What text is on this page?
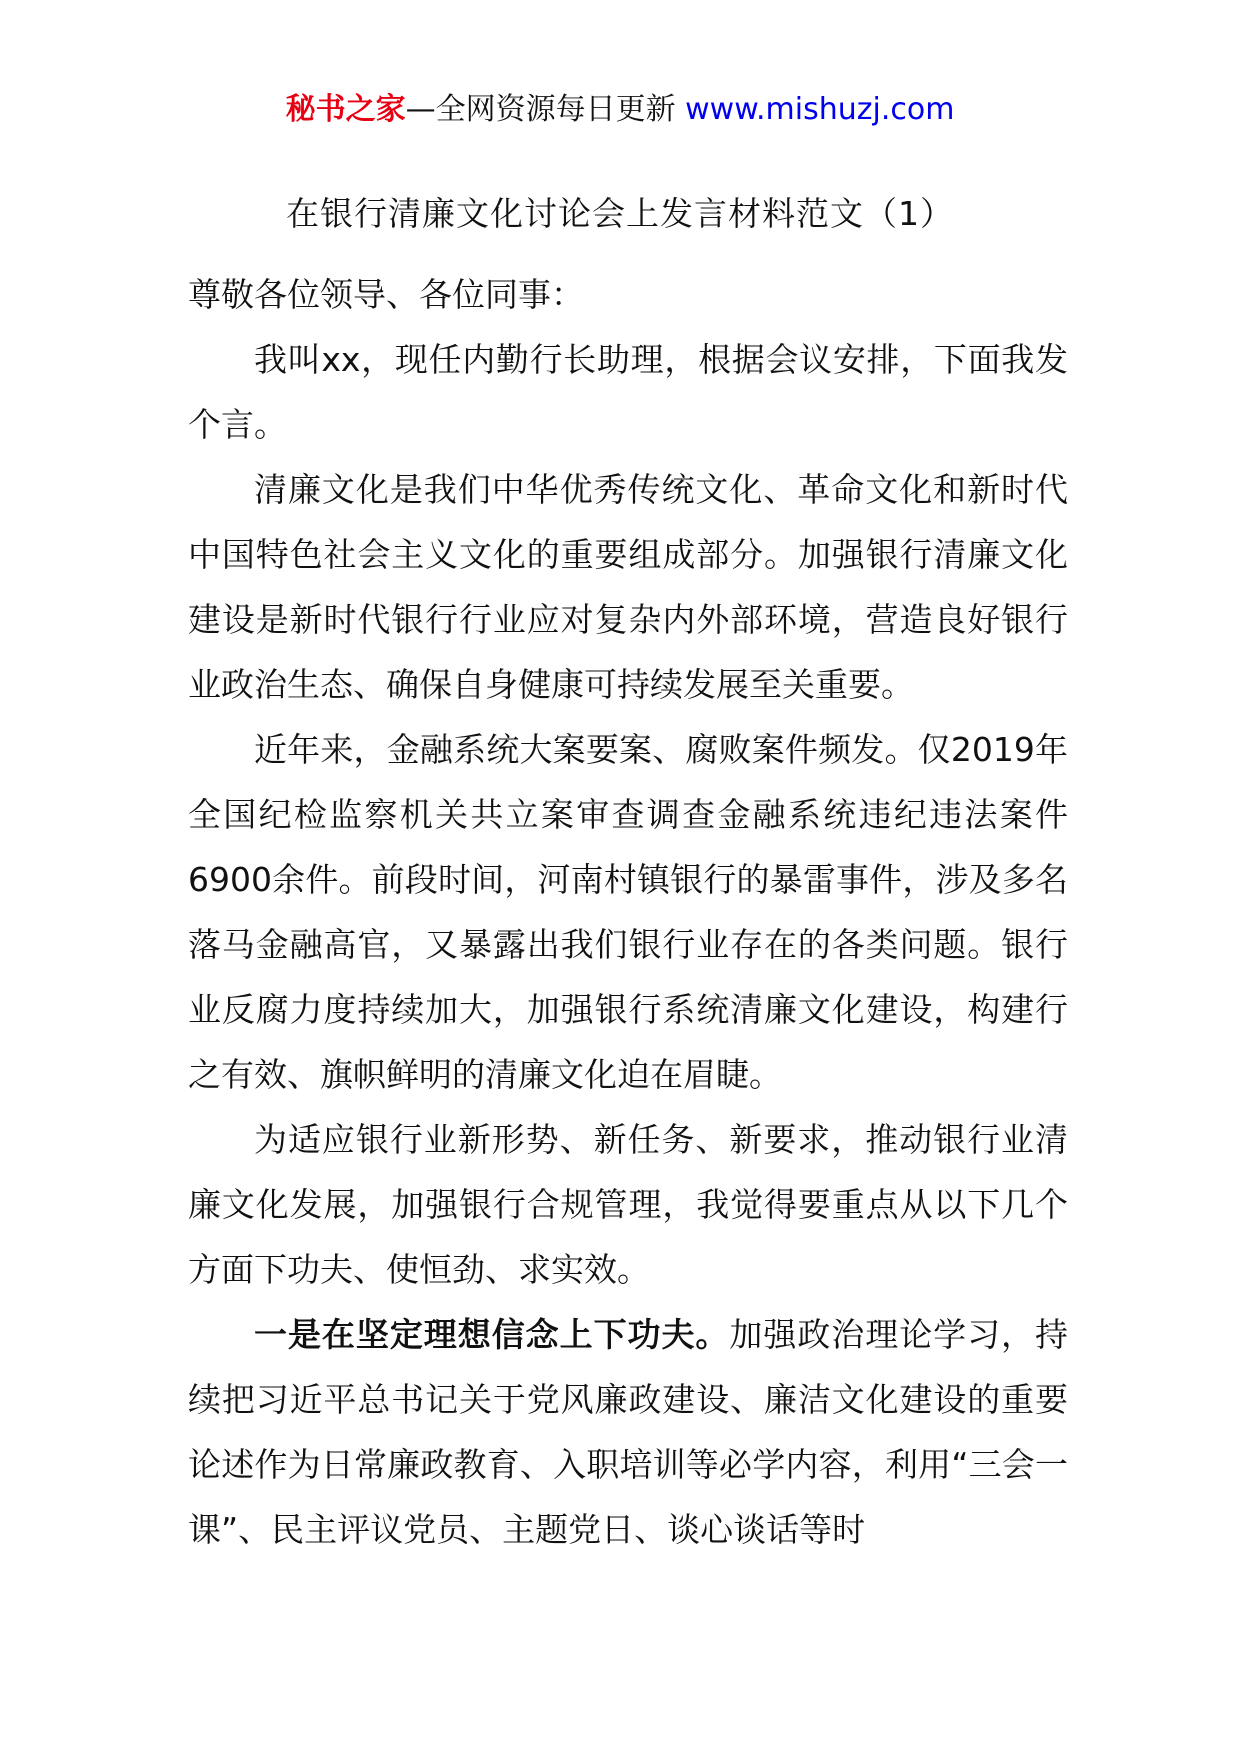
秘书之家—全网资源每日更新 www.mishuzj.com
在银行清廉文化讨论会上发言材料范文（1）

尊敬各位领导、各位同事：

我叫xx，现任内勤行长助理，根据会议安排，下面我发个言。

清廉文化是我们中华优秀传统文化、革命文化和新时代中国特色社会主义文化的重要组成部分。加强银行清廉文化建设是新时代银行行业应对复杂内外部环境，营造良好银行业政治生态、确保自身健康可持续发展至关重要。

近年来，金融系统大案要案、腐败案件频发。仅2019年全国纪检监察机关共立案审查调查金融系统违纪违法案件6900余件。前段时间，河南村镇银行的暴雷事件，涉及多名落马金融高官，又暴露出我们银行业存在的各类问题。银行业反腐力度持续加大，加强银行系统清廉文化建设，构建行之有效、旗帜鲜明的清廉文化迫在眉睫。

为适应银行业新形势、新任务、新要求，推动银行业清廉文化发展，加强银行合规管理，我觉得要重点从以下几个方面下功夫、使恒劲、求实效。

一是在坚定理想信念上下功夫。加强政治理论学习，持续把习近平总书记关于党风廉政建设、廉洁文化建设的重要论述作为日常廉政教育、入职培训等必学内容，利用“三会一课”、民主评议党员、主题党日、谈心谈话等时
